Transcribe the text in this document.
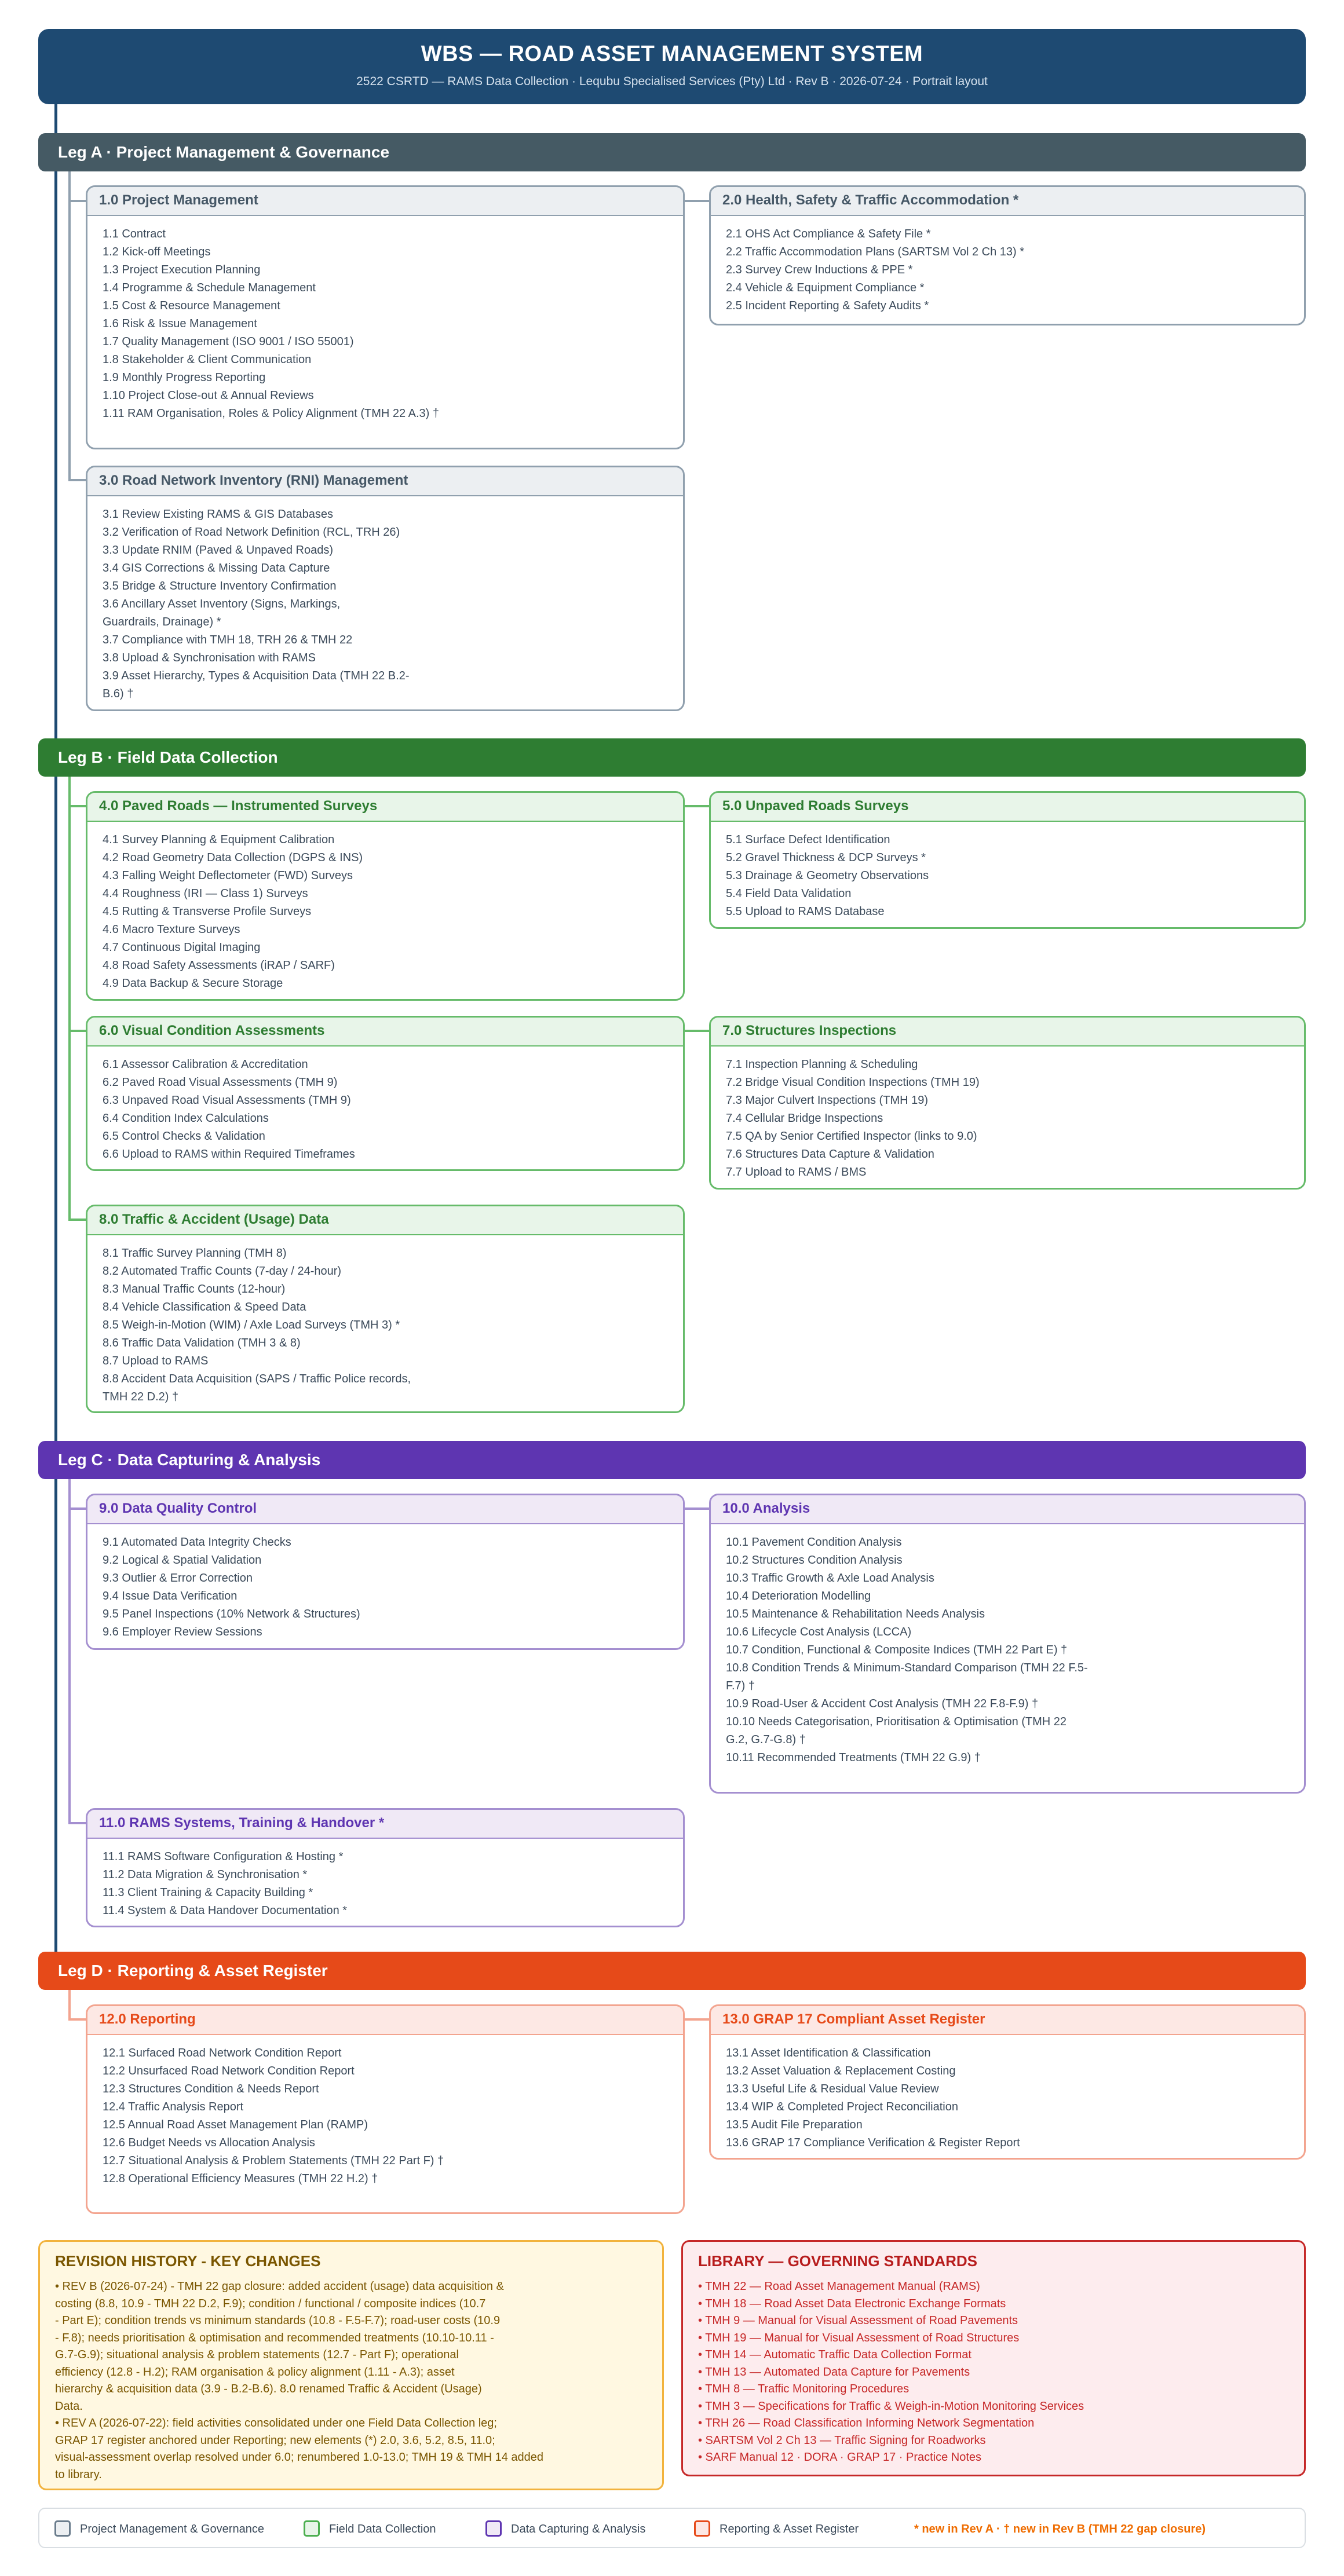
WBS — ROAD ASSET MANAGEMENT SYSTEM
2522 CSRTD — RAMS Data Collection · Lequbu Specialised Services (Pty) Ltd · Rev B · 2026-07-24 · Portrait layout
Leg A · Project Management & Governance
1.0 Project Management
1.1 Contract
1.2 Kick-off Meetings
1.3 Project Execution Planning
1.4 Programme & Schedule Management
1.5 Cost & Resource Management
1.6 Risk & Issue Management
1.7 Quality Management (ISO 9001 / ISO 55001)
1.8 Stakeholder & Client Communication
1.9 Monthly Progress Reporting
1.10 Project Close-out & Annual Reviews
1.11 RAM Organisation, Roles & Policy Alignment (TMH 22 A.3) †
2.0 Health, Safety & Traffic Accommodation *
2.1 OHS Act Compliance & Safety File *
2.2 Traffic Accommodation Plans (SARTSM Vol 2 Ch 13) *
2.3 Survey Crew Inductions & PPE *
2.4 Vehicle & Equipment Compliance *
2.5 Incident Reporting & Safety Audits *
3.0 Road Network Inventory (RNI) Management
3.1 Review Existing RAMS & GIS Databases
3.2 Verification of Road Network Definition (RCL, TRH 26)
3.3 Update RNIM (Paved & Unpaved Roads)
3.4 GIS Corrections & Missing Data Capture
3.5 Bridge & Structure Inventory Confirmation
3.6 Ancillary Asset Inventory (Signs, Markings, Guardrails, Drainage) *
3.7 Compliance with TMH 18, TRH 26 & TMH 22
3.8 Upload & Synchronisation with RAMS
3.9 Asset Hierarchy, Types & Acquisition Data (TMH 22 B.2-B.6) †
Leg B · Field Data Collection
4.0 Paved Roads — Instrumented Surveys
4.1 Survey Planning & Equipment Calibration
4.2 Road Geometry Data Collection (DGPS & INS)
4.3 Falling Weight Deflectometer (FWD) Surveys
4.4 Roughness (IRI — Class 1) Surveys
4.5 Rutting & Transverse Profile Surveys
4.6 Macro Texture Surveys
4.7 Continuous Digital Imaging
4.8 Road Safety Assessments (iRAP / SARF)
4.9 Data Backup & Secure Storage
5.0 Unpaved Roads Surveys
5.1 Surface Defect Identification
5.2 Gravel Thickness & DCP Surveys *
5.3 Drainage & Geometry Observations
5.4 Field Data Validation
5.5 Upload to RAMS Database
6.0 Visual Condition Assessments
6.1 Assessor Calibration & Accreditation
6.2 Paved Road Visual Assessments (TMH 9)
6.3 Unpaved Road Visual Assessments (TMH 9)
6.4 Condition Index Calculations
6.5 Control Checks & Validation
6.6 Upload to RAMS within Required Timeframes
7.0 Structures Inspections
7.1 Inspection Planning & Scheduling
7.2 Bridge Visual Condition Inspections (TMH 19)
7.3 Major Culvert Inspections (TMH 19)
7.4 Cellular Bridge Inspections
7.5 QA by Senior Certified Inspector (links to 9.0)
7.6 Structures Data Capture & Validation
7.7 Upload to RAMS / BMS
8.0 Traffic & Accident (Usage) Data
8.1 Traffic Survey Planning (TMH 8)
8.2 Automated Traffic Counts (7-day / 24-hour)
8.3 Manual Traffic Counts (12-hour)
8.4 Vehicle Classification & Speed Data
8.5 Weigh-in-Motion (WIM) / Axle Load Surveys (TMH 3) *
8.6 Traffic Data Validation (TMH 3 & 8)
8.7 Upload to RAMS
8.8 Accident Data Acquisition (SAPS / Traffic Police records, TMH 22 D.2) †
Leg C · Data Capturing & Analysis
9.0 Data Quality Control
9.1 Automated Data Integrity Checks
9.2 Logical & Spatial Validation
9.3 Outlier & Error Correction
9.4 Issue Data Verification
9.5 Panel Inspections (10% Network & Structures)
9.6 Employer Review Sessions
10.0 Analysis
10.1 Pavement Condition Analysis
10.2 Structures Condition Analysis
10.3 Traffic Growth & Axle Load Analysis
10.4 Deterioration Modelling
10.5 Maintenance & Rehabilitation Needs Analysis
10.6 Lifecycle Cost Analysis (LCCA)
10.7 Condition, Functional & Composite Indices (TMH 22 Part E) †
10.8 Condition Trends & Minimum-Standard Comparison (TMH 22 F.5-F.7) †
10.9 Road-User & Accident Cost Analysis (TMH 22 F.8-F.9) †
10.10 Needs Categorisation, Prioritisation & Optimisation (TMH 22 G.2, G.7-G.8) †
10.11 Recommended Treatments (TMH 22 G.9) †
11.0 RAMS Systems, Training & Handover *
11.1 RAMS Software Configuration & Hosting *
11.2 Data Migration & Synchronisation *
11.3 Client Training & Capacity Building *
11.4 System & Data Handover Documentation *
Leg D · Reporting & Asset Register
12.0 Reporting
12.1 Surfaced Road Network Condition Report
12.2 Unsurfaced Road Network Condition Report
12.3 Structures Condition & Needs Report
12.4 Traffic Analysis Report
12.5 Annual Road Asset Management Plan (RAMP)
12.6 Budget Needs vs Allocation Analysis
12.7 Situational Analysis & Problem Statements (TMH 22 Part F) †
12.8 Operational Efficiency Measures (TMH 22 H.2) †
13.0 GRAP 17 Compliant Asset Register
13.1 Asset Identification & Classification
13.2 Asset Valuation & Replacement Costing
13.3 Useful Life & Residual Value Review
13.4 WIP & Completed Project Reconciliation
13.5 Audit File Preparation
13.6 GRAP 17 Compliance Verification & Register Report
REVISION HISTORY - KEY CHANGES
• REV B (2026-07-24) - TMH 22 gap closure: added accident (usage) data acquisition &
costing (8.8, 10.9 - TMH 22 D.2, F.9); condition / functional / composite indices (10.7
- Part E); condition trends vs minimum standards (10.8 - F.5-F.7); road-user costs (10.9
- F.8); needs prioritisation & optimisation and recommended treatments (10.10-10.11 -
G.7-G.9); situational analysis & problem statements (12.7 - Part F); operational
efficiency (12.8 - H.2); RAM organisation & policy alignment (1.11 - A.3); asset
hierarchy & acquisition data (3.9 - B.2-B.6). 8.0 renamed Traffic & Accident (Usage)
Data.
• REV A (2026-07-22): field activities consolidated under one Field Data Collection leg;
GRAP 17 register anchored under Reporting; new elements (*) 2.0, 3.6, 5.2, 8.5, 11.0;
visual-assessment overlap resolved under 6.0; renumbered 1.0-13.0; TMH 19 & TMH 14 added
to library.
LIBRARY — GOVERNING STANDARDS
• TMH 22 — Road Asset Management Manual (RAMS)
• TMH 18 — Road Asset Data Electronic Exchange Formats
• TMH 9 — Manual for Visual Assessment of Road Pavements
• TMH 19 — Manual for Visual Assessment of Road Structures
• TMH 14 — Automatic Traffic Data Collection Format
• TMH 13 — Automated Data Capture for Pavements
• TMH 8 — Traffic Monitoring Procedures
• TMH 3 — Specifications for Traffic & Weigh-in-Motion Monitoring Services
• TRH 26 — Road Classification Informing Network Segmentation
• SARTSM Vol 2 Ch 13 — Traffic Signing for Roadworks
• SARF Manual 12 · DORA · GRAP 17 · Practice Notes
Project Management & Governance	Field Data Collection	Data Capturing & Analysis	Reporting & Asset Register	* new in Rev A · † new in Rev B (TMH 22 gap closure)
